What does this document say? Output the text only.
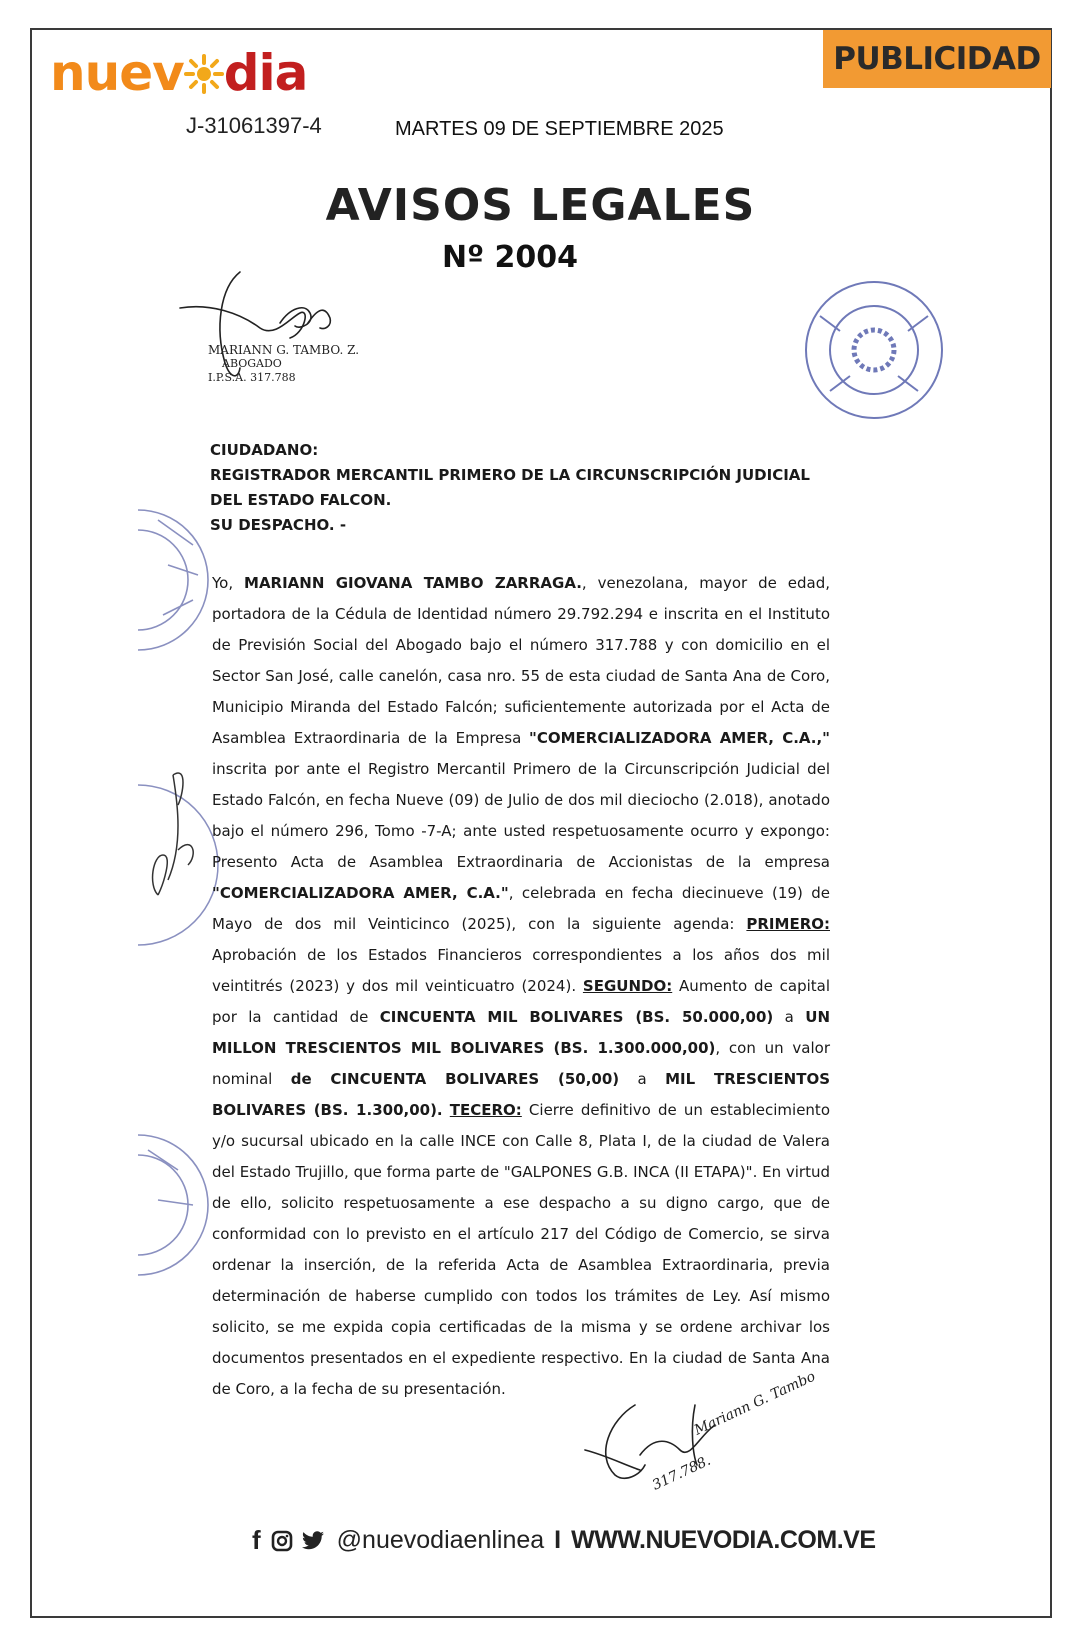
nuev dia
J-31061397-4	MARTES 09 DE SEPTIEMBRE 2025
PUBLICIDAD
AVISOS LEGALES
Nº 2004
MARIANN G. TAMBO. Z.
ABOGADO
I.P.S.A. 317.788
CIUDADANO:
REGISTRADOR MERCANTIL PRIMERO DE LA CIRCUNSCRIPCIÓN JUDICIAL DEL ESTADO FALCON.
SU DESPACHO. -
Yo, MARIANN GIOVANA TAMBO ZARRAGA., venezolana, mayor de edad, portadora de la Cédula de Identidad número 29.792.294 e inscrita en el Instituto de Previsión Social del Abogado bajo el número 317.788 y con domicilio en el Sector San José, calle canelón, casa nro. 55 de esta ciudad de Santa Ana de Coro, Municipio Miranda del Estado Falcón; suficientemente autorizada por el Acta de Asamblea Extraordinaria de la Empresa "COMERCIALIZADORA AMER, C.A.," inscrita por ante el Registro Mercantil Primero de la Circunscripción Judicial del Estado Falcón, en fecha Nueve (09) de Julio de dos mil dieciocho (2.018), anotado bajo el número 296, Tomo -7-A; ante usted respetuosamente ocurro y expongo: Presento Acta de Asamblea Extraordinaria de Accionistas de la empresa "COMERCIALIZADORA AMER, C.A.", celebrada en fecha diecinueve (19) de Mayo de dos mil Veinticinco (2025), con la siguiente agenda: PRIMERO: Aprobación de los Estados Financieros correspondientes a los años dos mil veintitrés (2023) y dos mil veinticuatro (2024). SEGUNDO: Aumento de capital por la cantidad de CINCUENTA MIL BOLIVARES (BS. 50.000,00) a UN MILLON TRESCIENTOS MIL BOLIVARES (BS. 1.300.000,00), con un valor nominal de CINCUENTA BOLIVARES (50,00) a MIL TRESCIENTOS BOLIVARES (BS. 1.300,00). TECERO: Cierre definitivo de un establecimiento y/o sucursal ubicado en la calle INCE con Calle 8, Plata I, de la ciudad de Valera del Estado Trujillo, que forma parte de "GALPONES G.B. INCA (II ETAPA)". En virtud de ello, solicito respetuosamente a ese despacho a su digno cargo, que de conformidad con lo previsto en el artículo 217 del Código de Comercio, se sirva ordenar la inserción, de la referida Acta de Asamblea Extraordinaria, previa determinación de haberse cumplido con todos los trámites de Ley. Así mismo solicito, se me expida copia certificadas de la misma y se ordene archivar los documentos presentados en el expediente respectivo. En la ciudad de Santa Ana de Coro, a la fecha de su presentación.	Mariann G. Tambo
317.788.
f	@nuevodiaenlinea I WWW.NUEVODIA.COM.VE
